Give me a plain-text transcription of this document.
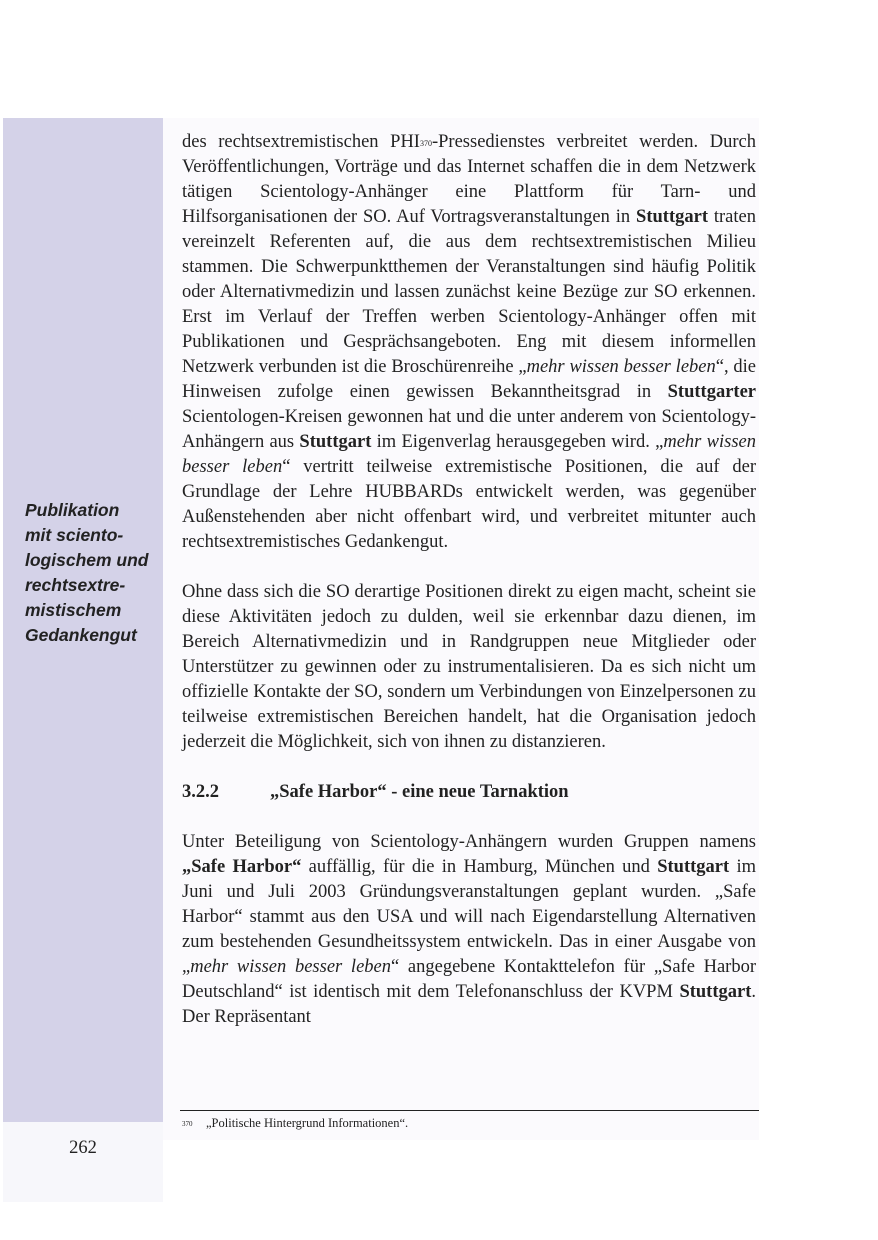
Publikation
mit sciento-
logischem und
rechtsextre-
mistischem
Gedankengut
262

des rechtsextremistischen PHI$^{370}$-Pressedienstes verbreitet werden. Durch Veröffentlichungen, Vorträge und das Internet schaffen die in dem Netzwerk tätigen Scientology-Anhänger eine Plattform für Tarn- und Hilfsorganisationen der SO. Auf Vortragsveranstaltungen in Stuttgart traten vereinzelt Referenten auf, die aus dem rechtsextremistischen Milieu stammen. Die Schwerpunktthemen der Veranstaltungen sind häufig Politik oder Alternativmedizin und lassen zunächst keine Bezüge zur SO erkennen. Erst im Verlauf der Treffen werben Scientology-Anhänger offen mit Publikationen und Gesprächsangeboten. Eng mit diesem informellen Netzwerk verbunden ist die Broschürenreihe „mehr wissen besser leben“, die Hinweisen zufolge einen gewissen Bekanntheitsgrad in Stuttgarter Scientologen-Kreisen gewonnen hat und die unter anderem von Scientology-Anhängern aus Stuttgart im Eigenverlag herausgegeben wird. „mehr wissen besser leben“ vertritt teilweise extremistische Positionen, die auf der Grundlage der Lehre HUBBARDs entwickelt werden, was gegenüber Außenstehenden aber nicht offenbart wird, und verbreitet mitunter auch rechtsextremistisches Gedankengut.

Ohne dass sich die SO derartige Positionen direkt zu eigen macht, scheint sie diese Aktivitäten jedoch zu dulden, weil sie erkennbar dazu dienen, im Bereich Alternativmedizin und in Randgruppen neue Mitglieder oder Unterstützer zu gewinnen oder zu instrumentalisieren. Da es sich nicht um offizielle Kontakte der SO, sondern um Verbindungen von Einzelpersonen zu teilweise extremistischen Bereichen handelt, hat die Organisation jedoch jederzeit die Möglichkeit, sich von ihnen zu distanzieren.

3.2.2	„Safe Harbor“ - eine neue Tarnaktion

Unter Beteiligung von Scientology-Anhängern wurden Gruppen namens „Safe Harbor“ auffällig, für die in Hamburg, München und Stuttgart im Juni und Juli 2003 Gründungsveranstaltungen geplant wurden. „Safe Harbor“ stammt aus den USA und will nach Eigendarstellung Alternativen zum bestehenden Gesundheitssystem entwickeln. Das in einer Ausgabe von „mehr wissen besser leben“ angegebene Kontakttelefon für „Safe Harbor Deutschland“ ist identisch mit dem Telefonanschluss der KVPM Stuttgart. Der Repräsentant

370	„Politische Hintergrund Informationen“.
